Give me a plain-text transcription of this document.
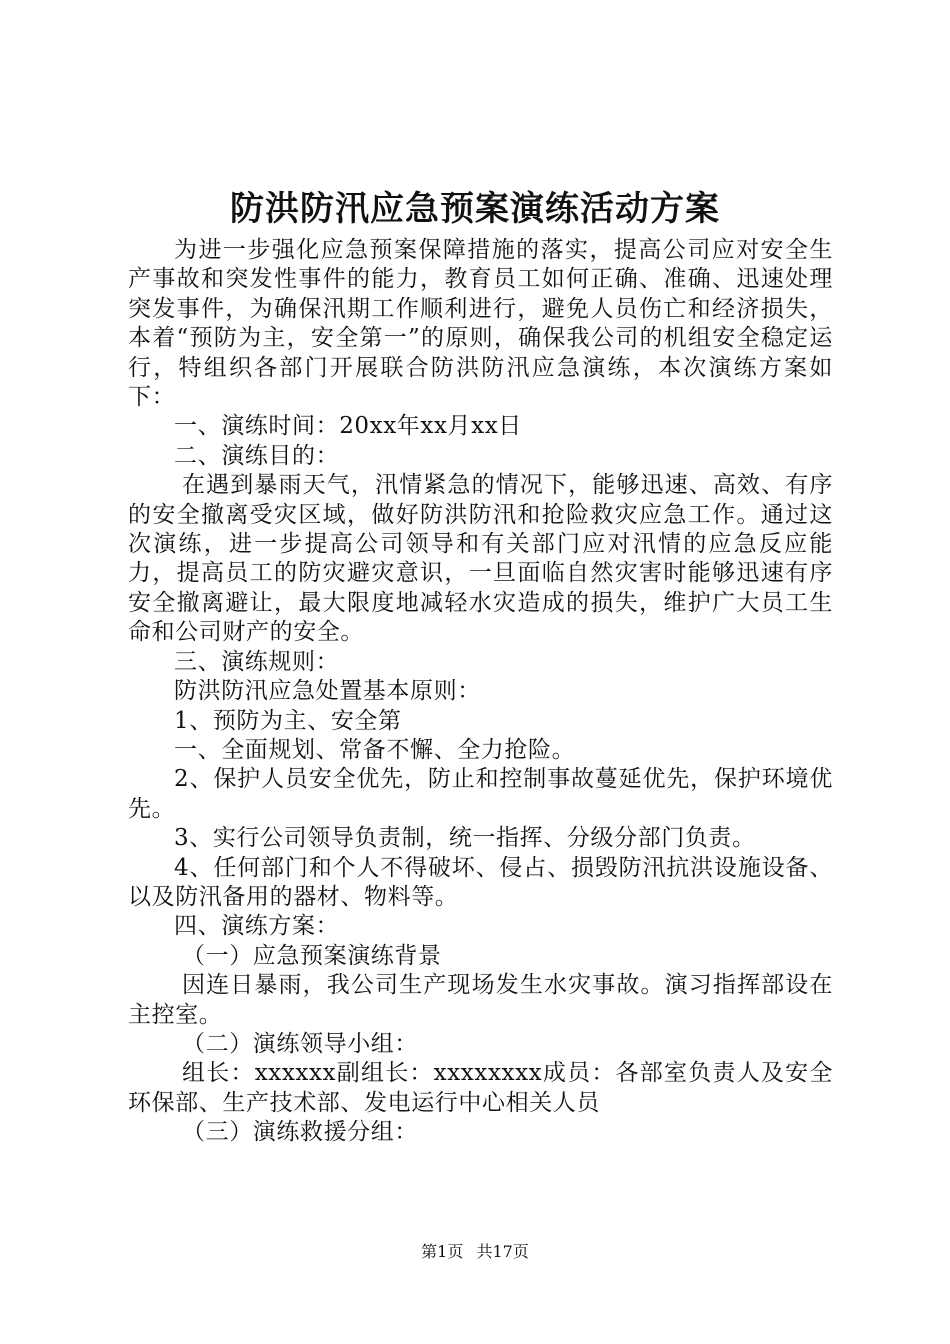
防洪防汛应急预案演练活动方案

为进一步强化应急预案保障措施的落实，提高公司应对安全生产事故和突发性事件的能力，教育员工如何正确、准确、迅速处理突发事件，为确保汛期工作顺利进行，避免人员伤亡和经济损失，本着“预防为主，安全第一”的原则，确保我公司的机组安全稳定运行，特组织各部门开展联合防洪防汛应急演练，本次演练方案如下：

一、演练时间：20xx年xx月xx日

二、演练目的：

在遇到暴雨天气，汛情紧急的情况下，能够迅速、高效、有序的安全撤离受灾区域，做好防洪防汛和抢险救灾应急工作。通过这次演练，进一步提高公司领导和有关部门应对汛情的应急反应能力，提高员工的防灾避灾意识，一旦面临自然灾害时能够迅速有序安全撤离避让，最大限度地减轻水灾造成的损失，维护广大员工生命和公司财产的安全。

三、演练规则：

防洪防汛应急处置基本原则：

1、预防为主、安全第

一、全面规划、常备不懈、全力抢险。

2、保护人员安全优先，防止和控制事故蔓延优先，保护环境优先。

3、实行公司领导负责制，统一指挥、分级分部门负责。

4、任何部门和个人不得破坏、侵占、损毁防汛抗洪设施设备、以及防汛备用的器材、物料等。

四、演练方案：

（一）应急预案演练背景

因连日暴雨，我公司生产现场发生水灾事故。演习指挥部设在主控室。

（二）演练领导小组：

组长：xxxxxx副组长：xxxxxxxx成员：各部室负责人及安全环保部、生产技术部、发电运行中心相关人员

（三）演练救援分组：

第1页 共17页
